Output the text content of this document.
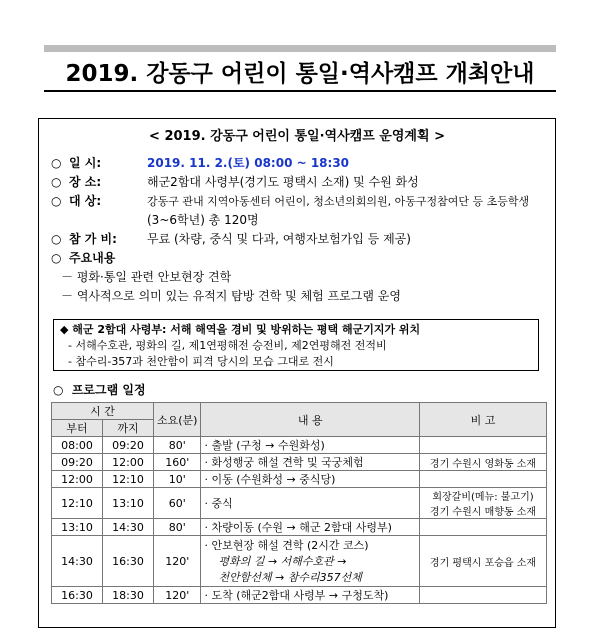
2019. 강동구 어린이 통일·역사캠프 개최안내
< 2019. 강동구 어린이 통일·역사캠프 운영계획 >
○ 일 시:	2019. 11. 2.(토) 08:00 ~ 18:30
○ 장 소:	해군2함대 사령부(경기도 평택시 소재) 및 수원 화성
○ 대 상:	강동구 관내 지역아동센터 어린이, 청소년의회의원, 아동구정참여단 등 초등학생
(3~6학년) 총 120명
○ 참 가 비:	무료 (차량, 중식 및 다과, 여행자보험가입 등 제공)
○ 주요내용
－ 평화·통일 관련 안보현장 견학
－ 역사적으로 의미 있는 유적지 탐방 견학 및 체험 프로그램 운영
◆ 해군 2함대 사령부: 서해 해역을 경비 및 방위하는 평택 해군기지가 위치
- 서해수호관, 평화의 길, 제1연평해전 승전비, 제2연평해전 전적비
- 참수리-357과 천안함이 피격 당시의 모습 그대로 전시
○  프로그램 일정
시 간		소요(분)	내 용	비 고
부터	까지			
08:00	09:20	80'	· 출발 (구청 → 수원화성)	
09:20	12:00	160'	· 화성행궁 해설 견학 및 국궁체험	경기 수원시 영화동 소재
12:00	12:10	10'	· 이동 (수원화성 → 중식당)	
12:10	13:10	60'	· 중식	회장갈비(메뉴: 불고기)
경기 수원시 매향동 소재

13:10	14:30	80'	· 차량이동 (수원 → 해군 2함대 사령부)	
14:30	16:30	120'	· 안보현장 해설 견학 (2시간 코스)
평화의 길 → 서해수호관 →
천안함선체 → 참수리357선체	경기 평택시 포승읍 소재
16:30	18:30	120'	· 도착 (해군2함대 사령부 → 구청도착)	
